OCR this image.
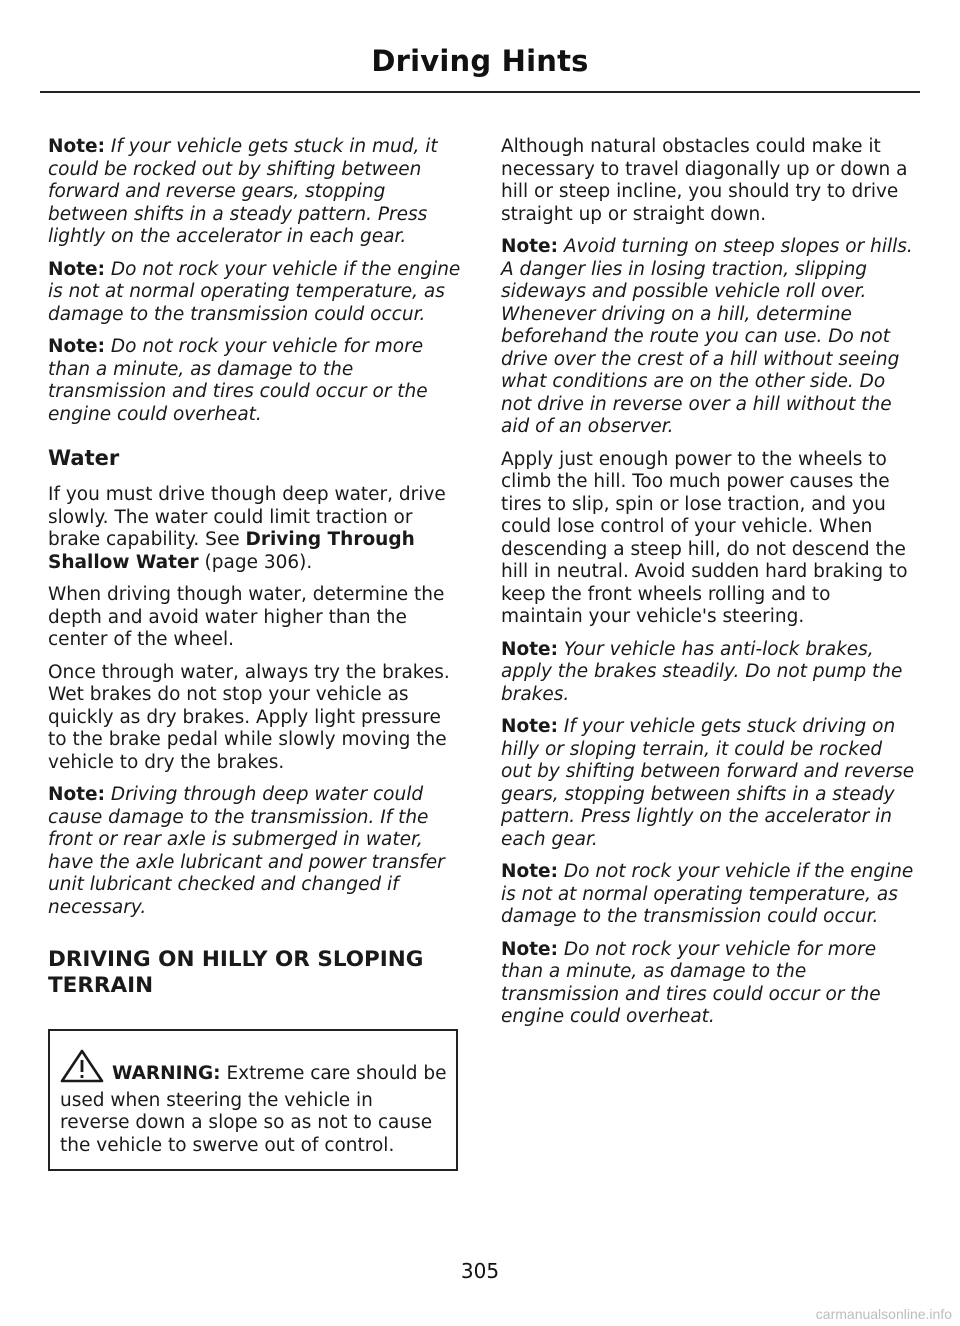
Driving Hints

Note: If your vehicle gets stuck in mud, it could be rocked out by shifting between forward and reverse gears, stopping between shifts in a steady pattern. Press lightly on the accelerator in each gear.

Note: Do not rock your vehicle if the engine is not at normal operating temperature, as damage to the transmission could occur.

Note: Do not rock your vehicle for more than a minute, as damage to the transmission and tires could occur or the engine could overheat.

Water

If you must drive though deep water, drive slowly. The water could limit traction or brake capability. See Driving Through Shallow Water (page 306).

When driving though water, determine the depth and avoid water higher than the center of the wheel.

Once through water, always try the brakes. Wet brakes do not stop your vehicle as quickly as dry brakes. Apply light pressure to the brake pedal while slowly moving the vehicle to dry the brakes.

Note: Driving through deep water could cause damage to the transmission. If the front or rear axle is submerged in water, have the axle lubricant and power transfer unit lubricant checked and changed if necessary.

DRIVING ON HILLY OR SLOPING TERRAIN

WARNING: Extreme care should be used when steering the vehicle in reverse down a slope so as not to cause the vehicle to swerve out of control.

Although natural obstacles could make it necessary to travel diagonally up or down a hill or steep incline, you should try to drive straight up or straight down.

Note: Avoid turning on steep slopes or hills. A danger lies in losing traction, slipping sideways and possible vehicle roll over. Whenever driving on a hill, determine beforehand the route you can use. Do not drive over the crest of a hill without seeing what conditions are on the other side. Do not drive in reverse over a hill without the aid of an observer.

Apply just enough power to the wheels to climb the hill. Too much power causes the tires to slip, spin or lose traction, and you could lose control of your vehicle. When descending a steep hill, do not descend the hill in neutral. Avoid sudden hard braking to keep the front wheels rolling and to maintain your vehicle's steering.

Note: Your vehicle has anti-lock brakes, apply the brakes steadily. Do not pump the brakes.

Note: If your vehicle gets stuck driving on hilly or sloping terrain, it could be rocked out by shifting between forward and reverse gears, stopping between shifts in a steady pattern. Press lightly on the accelerator in each gear.

Note: Do not rock your vehicle if the engine is not at normal operating temperature, as damage to the transmission could occur.

Note: Do not rock your vehicle for more than a minute, as damage to the transmission and tires could occur or the engine could overheat.

305
carmanualsonline.info
